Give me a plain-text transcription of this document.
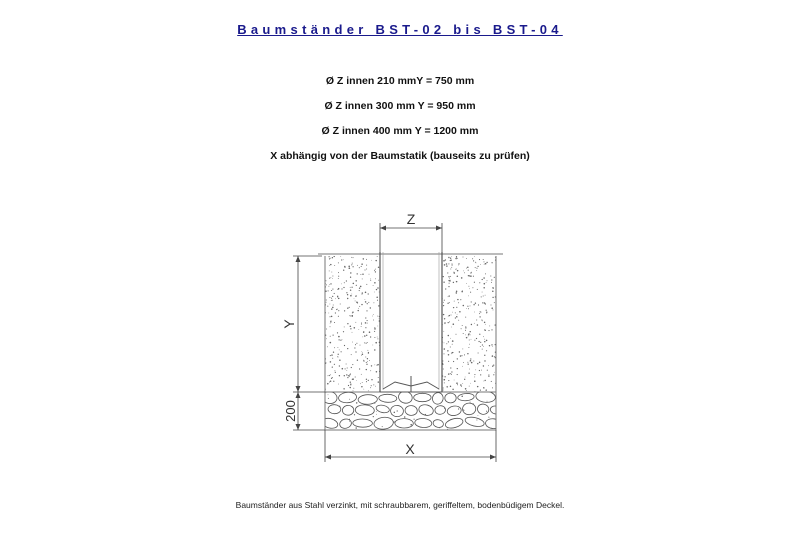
Baumständer BST-02 bis BST-04
Ø Z innen 210 mmY = 750 mm
Ø Z innen 300 mm Y = 950 mm
Ø Z innen 400 mm Y = 1200 mm
X abhängig von der Baumstatik (bauseits zu prüfen)
Z
Y
200
X
Baumständer aus Stahl verzinkt, mit schraubbarem, geriffeltem, bodenbüdigem Deckel.
